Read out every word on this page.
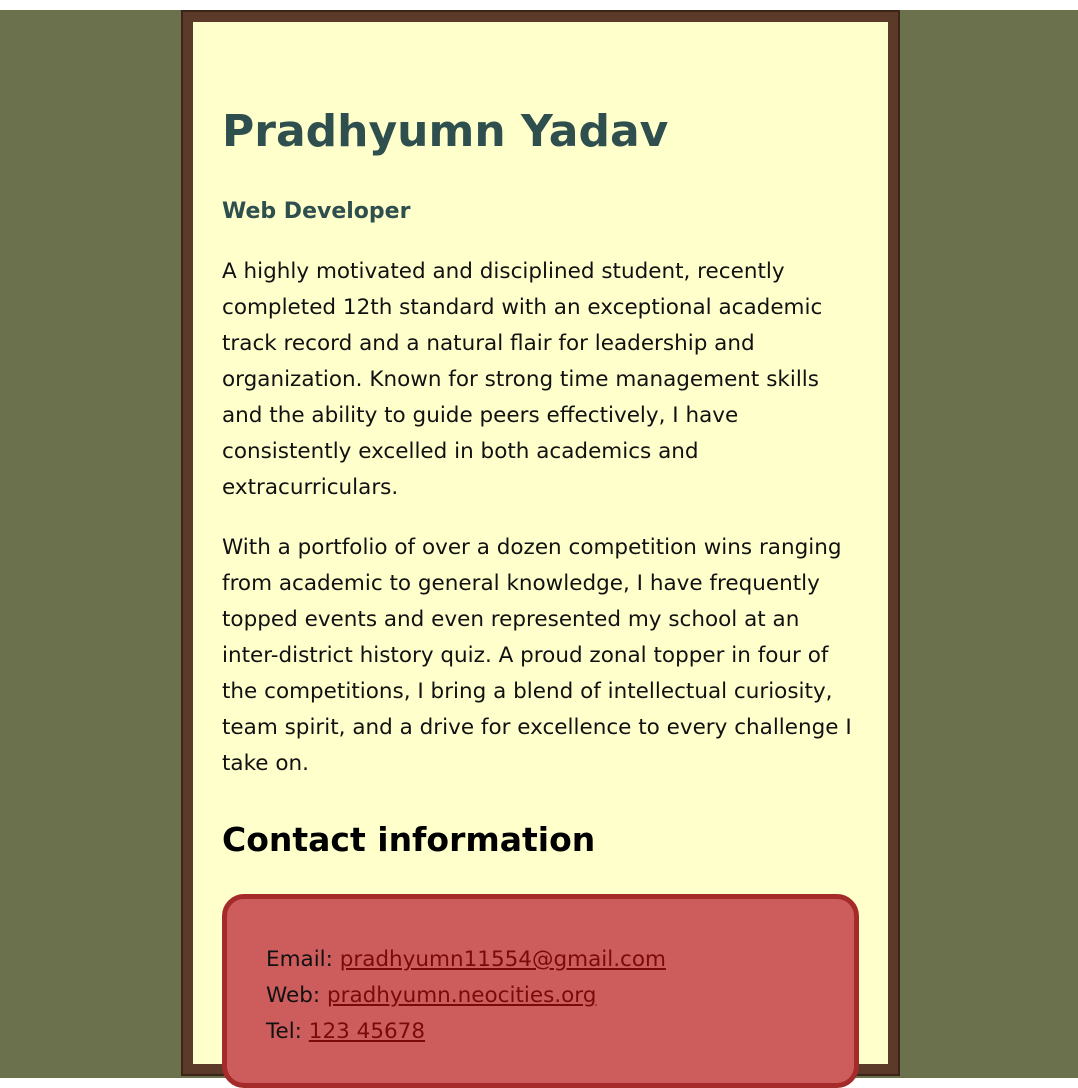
Pradhyumn Yadav
Web Developer

A highly motivated and disciplined student, recently completed 12th standard with an exceptional academic track record and a natural flair for leadership and organization. Known for strong time management skills and the ability to guide peers effectively, I have consistently excelled in both academics and extracurriculars.

With a portfolio of over a dozen competition wins ranging from academic to general knowledge, I have frequently topped events and even represented my school at an inter-district history quiz. A proud zonal topper in four of the competitions, I bring a blend of intellectual curiosity, team spirit, and a drive for excellence to every challenge I take on.

Contact information
Email: pradhyumn11554@gmail.com
Web: pradhyumn.neocities.org
Tel: 123 45678
